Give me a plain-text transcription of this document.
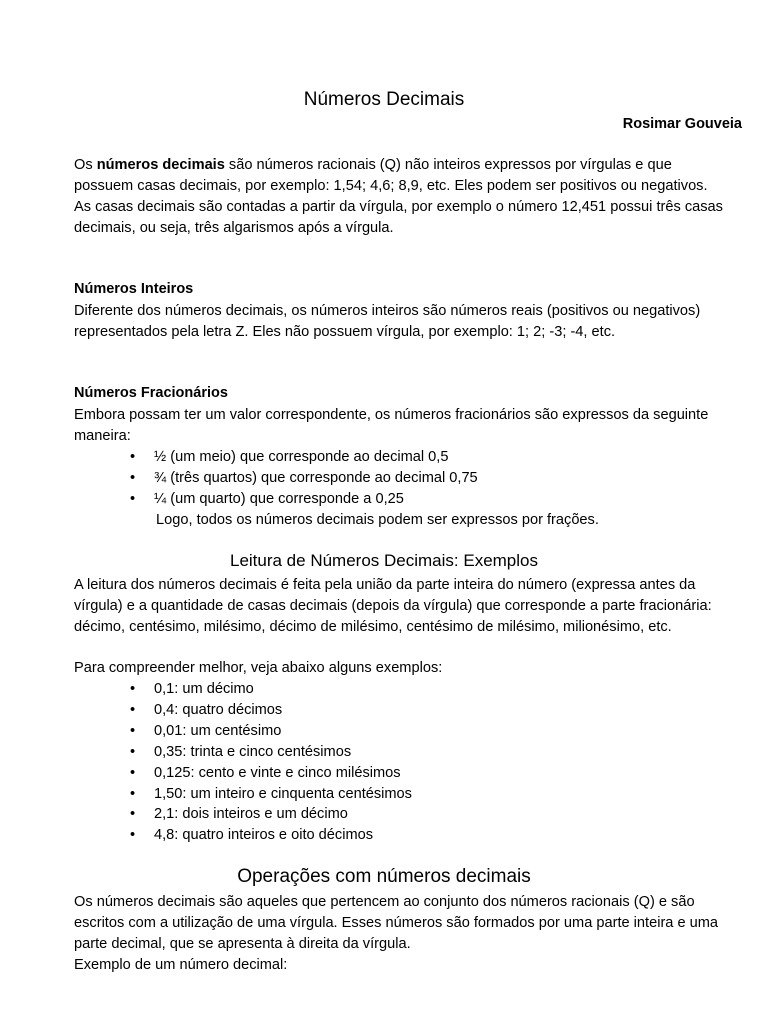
Números Decimais
Rosimar Gouveia

Os números decimais são números racionais (Q) não inteiros expressos por vírgulas e que possuem casas decimais, por exemplo: 1,54; 4,6; 8,9, etc. Eles podem ser positivos ou negativos.
As casas decimais são contadas a partir da vírgula, por exemplo o número 12,451 possui três casas decimais, ou seja, três algarismos após a vírgula.

Números Inteiros

Diferente dos números decimais, os números inteiros são números reais (positivos ou negativos) representados pela letra Z. Eles não possuem vírgula, por exemplo: 1; 2; -3; -4, etc.

Números Fracionários

Embora possam ter um valor correspondente, os números fracionários são expressos da seguinte maneira:

• ½ (um meio) que corresponde ao decimal 0,5
• ¾ (três quartos) que corresponde ao decimal 0,75
• ¼ (um quarto) que corresponde a 0,25

Logo, todos os números decimais podem ser expressos por frações.

Leitura de Números Decimais: Exemplos

A leitura dos números decimais é feita pela união da parte inteira do número (expressa antes da vírgula) e a quantidade de casas decimais (depois da vírgula) que corresponde a parte fracionária: décimo, centésimo, milésimo, décimo de milésimo, centésimo de milésimo, milionésimo, etc.

Para compreender melhor, veja abaixo alguns exemplos:

• 0,1: um décimo
• 0,4: quatro décimos
• 0,01: um centésimo
• 0,35: trinta e cinco centésimos
• 0,125: cento e vinte e cinco milésimos
• 1,50: um inteiro e cinquenta centésimos
• 2,1: dois inteiros e um décimo
• 4,8: quatro inteiros e oito décimos

Operações com números decimais

Os números decimais são aqueles que pertencem ao conjunto dos números racionais (Q) e são escritos com a utilização de uma vírgula. Esses números são formados por uma parte inteira e uma parte decimal, que se apresenta à direita da vírgula.

Exemplo de um número decimal:
